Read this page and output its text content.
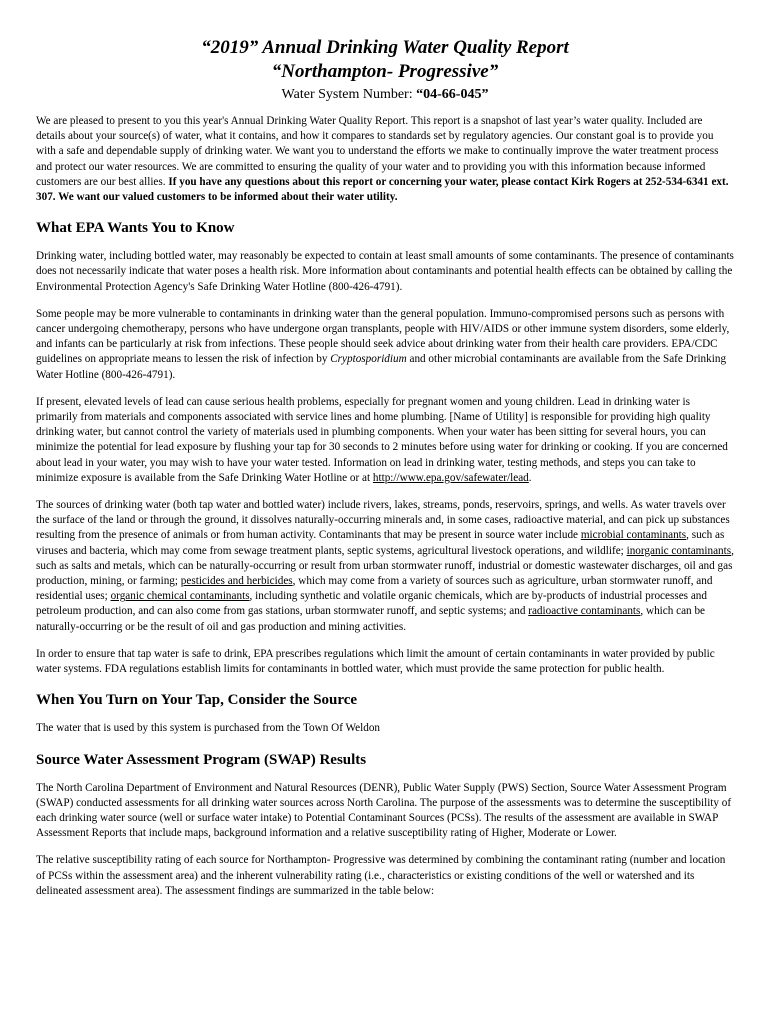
“2019” Annual Drinking Water Quality Report
“Northampton- Progressive”
Water System Number: “04-66-045”

We are pleased to present to you this year's Annual Drinking Water Quality Report. This report is a snapshot of last year’s water quality. Included are details about your source(s) of water, what it contains, and how it compares to standards set by regulatory agencies. Our constant goal is to provide you with a safe and dependable supply of drinking water. We want you to understand the efforts we make to continually improve the water treatment process and protect our water resources. We are committed to ensuring the quality of your water and to providing you with this information because informed customers are our best allies. If you have any questions about this report or concerning your water, please contact Kirk Rogers at 252-534-6341 ext. 307. We want our valued customers to be informed about their water utility.

What EPA Wants You to Know

Drinking water, including bottled water, may reasonably be expected to contain at least small amounts of some contaminants. The presence of contaminants does not necessarily indicate that water poses a health risk. More information about contaminants and potential health effects can be obtained by calling the Environmental Protection Agency's Safe Drinking Water Hotline (800-426-4791).

Some people may be more vulnerable to contaminants in drinking water than the general population. Immuno-compromised persons such as persons with cancer undergoing chemotherapy, persons who have undergone organ transplants, people with HIV/AIDS or other immune system disorders, some elderly, and infants can be particularly at risk from infections. These people should seek advice about drinking water from their health care providers. EPA/CDC guidelines on appropriate means to lessen the risk of infection by Cryptosporidium and other microbial contaminants are available from the Safe Drinking Water Hotline (800-426-4791).

If present, elevated levels of lead can cause serious health problems, especially for pregnant women and young children. Lead in drinking water is primarily from materials and components associated with service lines and home plumbing. [Name of Utility] is responsible for providing high quality drinking water, but cannot control the variety of materials used in plumbing components. When your water has been sitting for several hours, you can minimize the potential for lead exposure by flushing your tap for 30 seconds to 2 minutes before using water for drinking or cooking. If you are concerned about lead in your water, you may wish to have your water tested. Information on lead in drinking water, testing methods, and steps you can take to minimize exposure is available from the Safe Drinking Water Hotline or at http://www.epa.gov/safewater/lead.

The sources of drinking water (both tap water and bottled water) include rivers, lakes, streams, ponds, reservoirs, springs, and wells. As water travels over the surface of the land or through the ground, it dissolves naturally-occurring minerals and, in some cases, radioactive material, and can pick up substances resulting from the presence of animals or from human activity. Contaminants that may be present in source water include microbial contaminants, such as viruses and bacteria, which may come from sewage treatment plants, septic systems, agricultural livestock operations, and wildlife; inorganic contaminants, such as salts and metals, which can be naturally-occurring or result from urban stormwater runoff, industrial or domestic wastewater discharges, oil and gas production, mining, or farming; pesticides and herbicides, which may come from a variety of sources such as agriculture, urban stormwater runoff, and residential uses; organic chemical contaminants, including synthetic and volatile organic chemicals, which are by-products of industrial processes and petroleum production, and can also come from gas stations, urban stormwater runoff, and septic systems; and radioactive contaminants, which can be naturally-occurring or be the result of oil and gas production and mining activities.

In order to ensure that tap water is safe to drink, EPA prescribes regulations which limit the amount of certain contaminants in water provided by public water systems. FDA regulations establish limits for contaminants in bottled water, which must provide the same protection for public health.

When You Turn on Your Tap, Consider the Source

The water that is used by this system is purchased from the Town Of Weldon

Source Water Assessment Program (SWAP) Results

The North Carolina Department of Environment and Natural Resources (DENR), Public Water Supply (PWS) Section, Source Water Assessment Program (SWAP) conducted assessments for all drinking water sources across North Carolina. The purpose of the assessments was to determine the susceptibility of each drinking water source (well or surface water intake) to Potential Contaminant Sources (PCSs). The results of the assessment are available in SWAP Assessment Reports that include maps, background information and a relative susceptibility rating of Higher, Moderate or Lower.

The relative susceptibility rating of each source for Northampton- Progressive was determined by combining the contaminant rating (number and location of PCSs within the assessment area) and the inherent vulnerability rating (i.e., characteristics or existing conditions of the well or watershed and its delineated assessment area). The assessment findings are summarized in the table below:
